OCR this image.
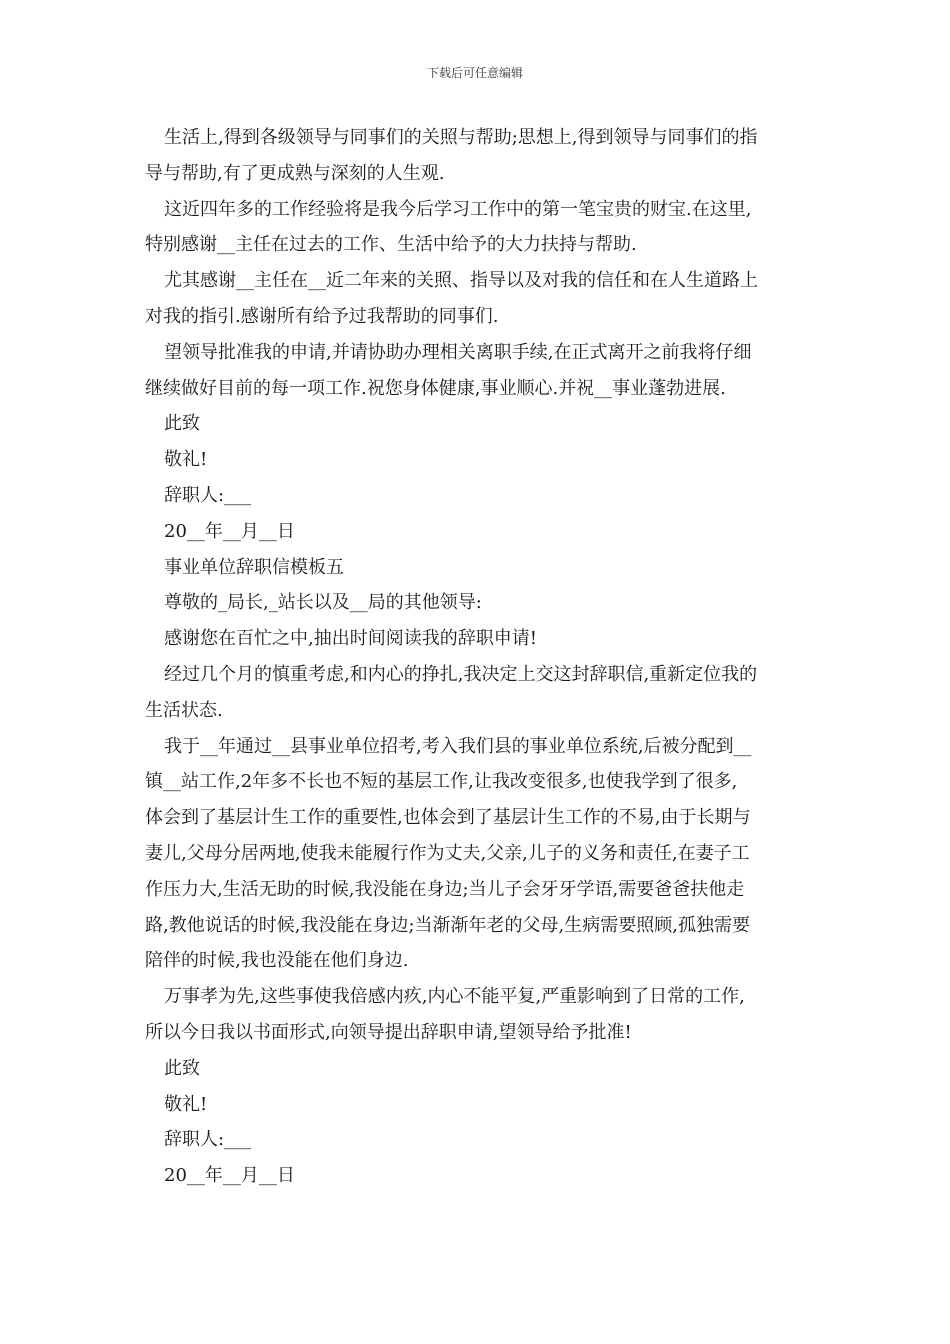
下载后可任意编辑
生活上,得到各级领导与同事们的关照与帮助;思想上,得到领导与同事们的指
导与帮助,有了更成熟与深刻的人生观.
这近四年多的工作经验将是我今后学习工作中的第一笔宝贵的财宝.在这里,
特别感谢__主任在过去的工作、生活中给予的大力扶持与帮助.
尤其感谢__主任在__近二年来的关照、指导以及对我的信任和在人生道路上
对我的指引.感谢所有给予过我帮助的同事们.
望领导批准我的申请,并请协助办理相关离职手续,在正式离开之前我将仔细
继续做好目前的每一项工作.祝您身体健康,事业顺心.并祝__事业蓬勃进展.
此致
敬礼!
辞职人:___
20__年__月__日
事业单位辞职信模板五
尊敬的_局长,_站长以及__局的其他领导:
感谢您在百忙之中,抽出时间阅读我的辞职申请!
经过几个月的慎重考虑,和内心的挣扎,我决定上交这封辞职信,重新定位我的
生活状态.
我于__年通过__县事业单位招考,考入我们县的事业单位系统,后被分配到__
镇__站工作,2年多不长也不短的基层工作,让我改变很多,也使我学到了很多,
体会到了基层计生工作的重要性,也体会到了基层计生工作的不易,由于长期与
妻儿,父母分居两地,使我未能履行作为丈夫,父亲,儿子的义务和责任,在妻子工
作压力大,生活无助的时候,我没能在身边;当儿子会牙牙学语,需要爸爸扶他走
路,教他说话的时候,我没能在身边;当渐渐年老的父母,生病需要照顾,孤独需要
陪伴的时候,我也没能在他们身边.
万事孝为先,这些事使我倍感内疚,内心不能平复,严重影响到了日常的工作,
所以今日我以书面形式,向领导提出辞职申请,望领导给予批准!
此致
敬礼!
辞职人:___
20__年__月__日
